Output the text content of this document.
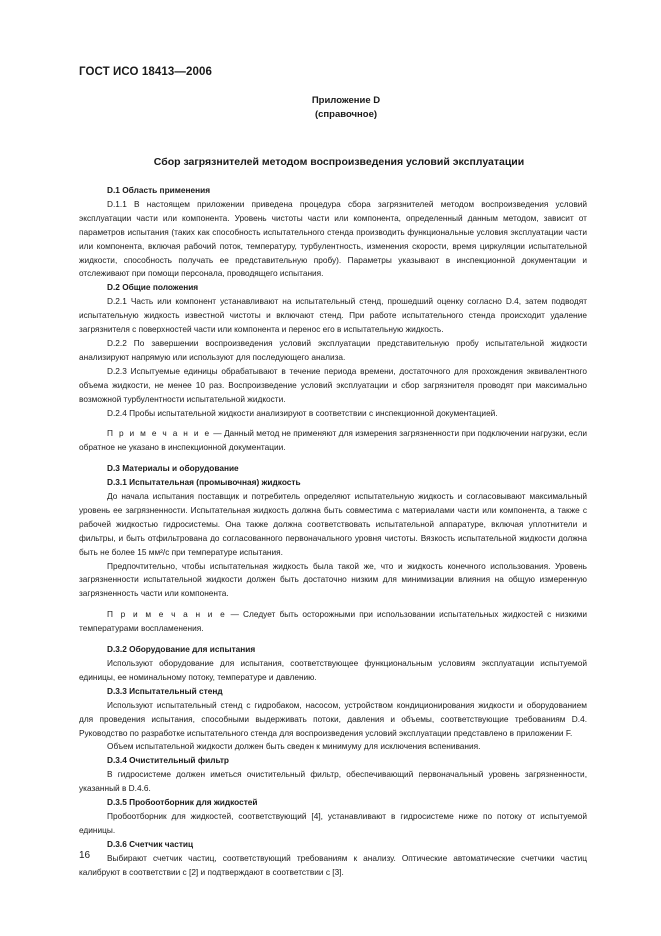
ГОСТ ИСО 18413—2006
Приложение D
(справочное)
Сбор загрязнителей методом воспроизведения условий эксплуатации

D.1 Область применения

D.1.1 В настоящем приложении приведена процедура сбора загрязнителей методом воспроизведения условий эксплуатации части или компонента. Уровень чистоты части или компонента, определенный данным методом, зависит от параметров испытания (таких как способность испытательного стенда производить функциональные условия эксплуатации части или компонента, включая рабочий поток, температуру, турбулентность, изменения скорости, время циркуляции испытательной жидкости, способность получать ее представительную пробу). Параметры указывают в инспекционной документации и отслеживают при помощи персонала, проводящего испытания.

D.2 Общие положения

D.2.1 Часть или компонент устанавливают на испытательный стенд, прошедший оценку согласно D.4, затем подводят испытательную жидкость известной чистоты и включают стенд. При работе испытательного стенда происходит удаление загрязнителя с поверхностей части или компонента и перенос его в испытательную жидкость.

D.2.2 По завершении воспроизведения условий эксплуатации представительную пробу испытательной жидкости анализируют напрямую или используют для последующего анализа.

D.2.3 Испытуемые единицы обрабатывают в течение периода времени, достаточного для прохождения эквивалентного объема жидкости, не менее 10 раз. Воспроизведение условий эксплуатации и сбор загрязнителя проводят при максимально возможной турбулентности испытательной жидкости.

D.2.4 Пробы испытательной жидкости анализируют в соответствии с инспекционной документацией.

П р и м е ч а н и е — Данный метод не применяют для измерения загрязненности при подключении нагрузки, если обратное не указано в инспекционной документации.

D.3 Материалы и оборудование

D.3.1 Испытательная (промывочная) жидкость

До начала испытания поставщик и потребитель определяют испытательную жидкость и согласовывают максимальный уровень ее загрязненности. Испытательная жидкость должна быть совместима с материалами части или компонента, а также с рабочей жидкостью гидросистемы. Она также должна соответствовать испытательной аппаратуре, включая уплотнители и фильтры, и быть отфильтрована до согласованного первоначального уровня чистоты. Вязкость испытательной жидкости должна быть не более 15 мм²/с при температуре испытания.

Предпочтительно, чтобы испытательная жидкость была такой же, что и жидкость конечного использования. Уровень загрязненности испытательной жидкости должен быть достаточно низким для минимизации влияния на общую измеренную загрязненность части или компонента.

П р и м е ч а н и е — Следует быть осторожными при использовании испытательных жидкостей с низкими температурами воспламенения.

D.3.2 Оборудование для испытания

Используют оборудование для испытания, соответствующее функциональным условиям эксплуатации испытуемой единицы, ее номинальному потоку, температуре и давлению.

D.3.3 Испытательный стенд

Используют испытательный стенд с гидробаком, насосом, устройством кондиционирования жидкости и оборудованием для проведения испытания, способными выдерживать потоки, давления и объемы, соответствующие требованиям D.4. Руководство по разработке испытательного стенда для воспроизведения условий эксплуатации представлено в приложении F.

Объем испытательной жидкости должен быть сведен к минимуму для исключения вспенивания.

D.3.4 Очистительный фильтр

В гидросистеме должен иметься очистительный фильтр, обеспечивающий первоначальный уровень загрязненности, указанный в D.4.6.

D.3.5 Пробоотборник для жидкостей

Пробоотборник для жидкостей, соответствующий [4], устанавливают в гидросистеме ниже по потоку от испытуемой единицы.

D.3.6 Счетчик частиц

Выбирают счетчик частиц, соответствующий требованиям к анализу. Оптические автоматические счетчики частиц калибруют в соответствии с [2] и подтверждают в соответствии с [3].

16
